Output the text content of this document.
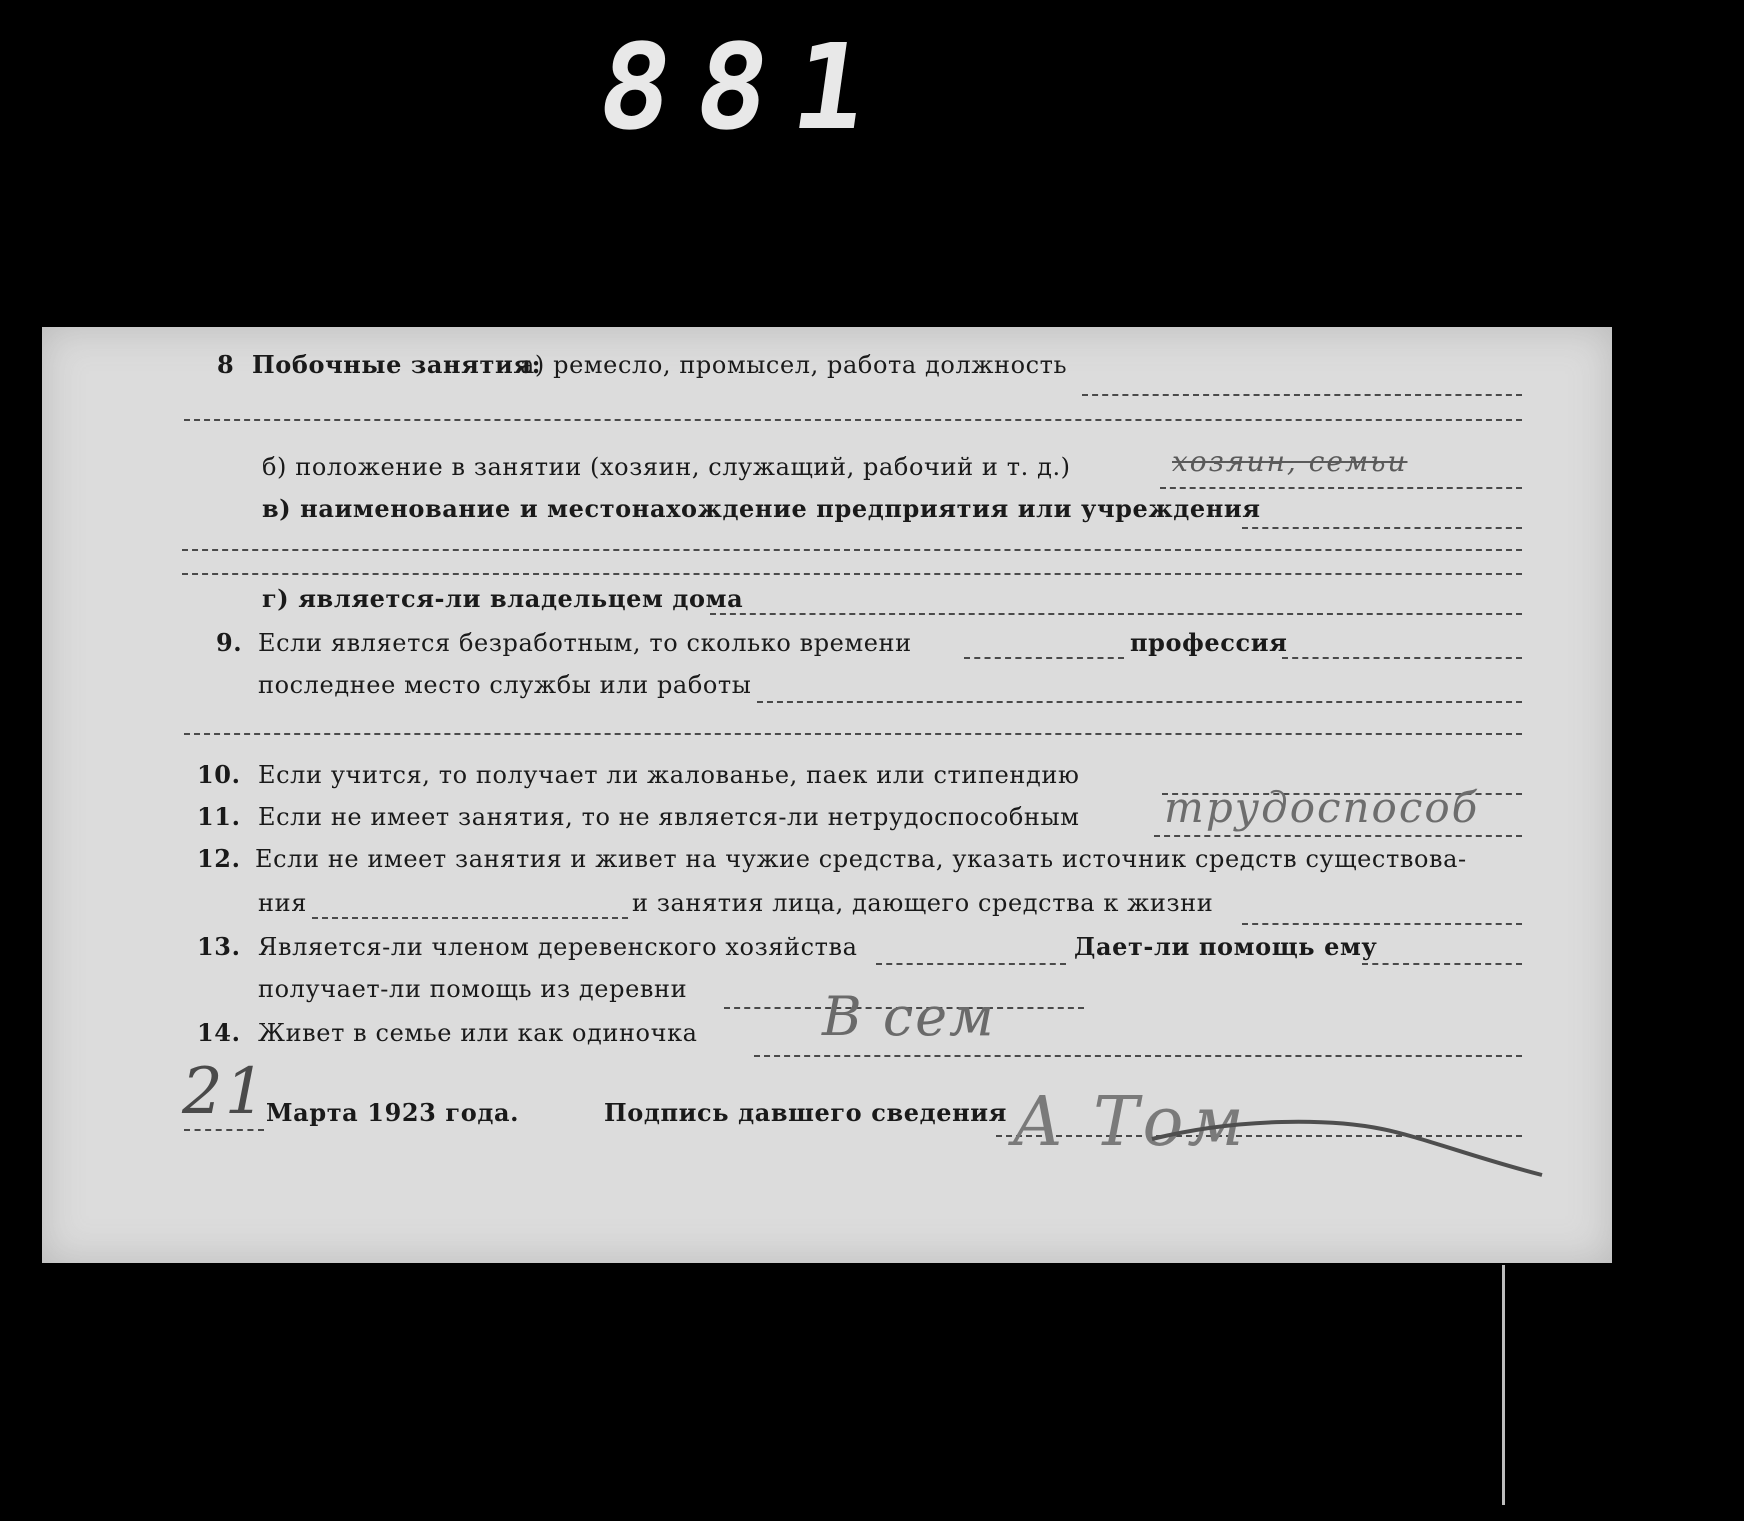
881
8 Побочные занятия:
а) ремесло, промысел, работа должность
б) положение в занятии (хозяин, служащий, рабочий и т. д.)	хозяин, семьи
в) наименование и местонахождение предприятия или учреждения
г) является-ли владельцем дома
9. Если является безработным, то сколько времени	профессия
последнее место службы или работы
10. Если учится, то получает ли жалованье, паек или стипендию
11. Если не имеет занятия, то не является-ли нетрудоспособным трудоспособ
12. Если не имеет занятия и живет на чужие средства, указать источник средств существова-
ния	и занятия лица, дающего средства к жизни
13. Является-ли членом деревенского хозяйства	Дает-ли помощь ему
получает-ли помощь из деревни
14. Живет в семье или как одиночка В сем
21
Марта 1923 года.	Подпись давшего сведения А Том
